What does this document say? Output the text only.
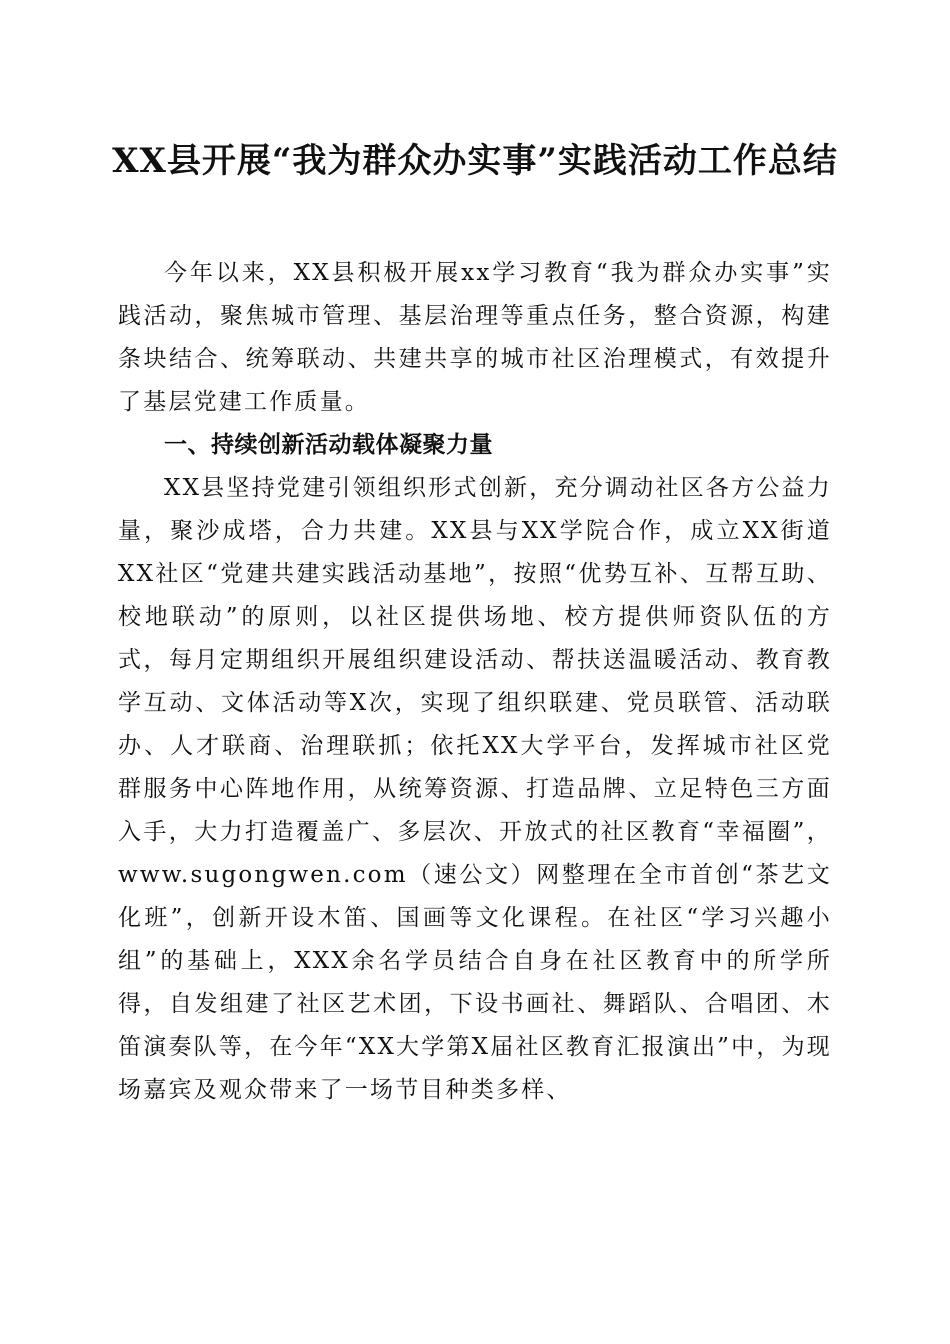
XX县开展“我为群众办实事”实践活动工作总结

今年以来，XX县积极开展xx学习教育“我为群众办实事”实践活动，聚焦城市管理、基层治理等重点任务，整合资源，构建条块结合、统筹联动、共建共享的城市社区治理模式，有效提升了基层党建工作质量。

一、持续创新活动载体凝聚力量

XX县坚持党建引领组织形式创新，充分调动社区各方公益力量，聚沙成塔，合力共建。XX县与XX学院合作，成立XX街道XX社区“党建共建实践活动基地”，按照“优势互补、互帮互助、校地联动”的原则，以社区提供场地、校方提供师资队伍的方式，每月定期组织开展组织建设活动、帮扶送温暖活动、教育教学互动、文体活动等X次，实现了组织联建、党员联管、活动联办、人才联商、治理联抓；依托XX大学平台，发挥城市社区党群服务中心阵地作用，从统筹资源、打造品牌、立足特色三方面入手，大力打造覆盖广、多层次、开放式的社区教育“幸福圈”，www.sugongwen.com（速公文）网整理在全市首创“茶艺文化班”，创新开设木笛、国画等文化课程。在社区“学习兴趣小组”的基础上，XXX余名学员结合自身在社区教育中的所学所得，自发组建了社区艺术团，下设书画社、舞蹈队、合唱团、木笛演奏队等，在今年“XX大学第X届社区教育汇报演出”中，为现场嘉宾及观众带来了一场节目种类多样、
